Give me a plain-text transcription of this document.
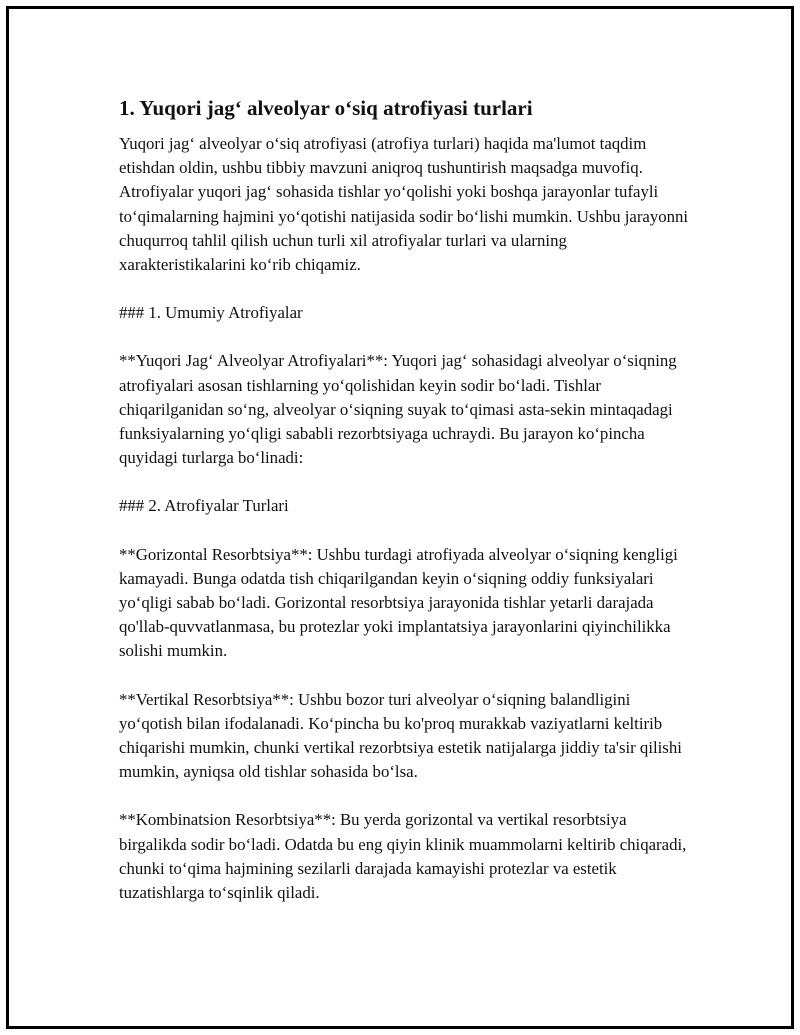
1. Yuqori jag‘ alveolyar o‘siq atrofiyasi turlari

Yuqori jag‘ alveolyar o‘siq atrofiyasi (atrofiya turlari) haqida ma'lumot taqdim etishdan oldin, ushbu tibbiy mavzuni aniqroq tushuntirish maqsadga muvofiq. Atrofiyalar yuqori jag‘ sohasida tishlar yo‘qolishi yoki boshqa jarayonlar tufayli to‘qimalarning hajmini yo‘qotishi natijasida sodir bo‘lishi mumkin. Ushbu jarayonni chuqurroq tahlil qilish uchun turli xil atrofiyalar turlari va ularning xarakteristikalarini ko‘rib chiqamiz.

### 1. Umumiy Atrofiyalar

**Yuqori Jag‘ Alveolyar Atrofiyalari**: Yuqori jag‘ sohasidagi alveolyar o‘siqning atrofiyalari asosan tishlarning yo‘qolishidan keyin sodir bo‘ladi. Tishlar chiqarilganidan so‘ng, alveolyar o‘siqning suyak to‘qimasi asta-sekin mintaqadagi funksiyalarning yo‘qligi sababli rezorbtsiyaga uchraydi. Bu jarayon ko‘pincha quyidagi turlarga bo‘linadi:

### 2. Atrofiyalar Turlari

**Gorizontal Resorbtsiya**: Ushbu turdagi atrofiyada alveolyar o‘siqning kengligi kamayadi. Bunga odatda tish chiqarilgandan keyin o‘siqning oddiy funksiyalari yo‘qligi sabab bo‘ladi. Gorizontal resorbtsiya jarayonida tishlar yetarli darajada qo'llab-quvvatlanmasa, bu protezlar yoki implantatsiya jarayonlarini qiyinchilikka solishi mumkin.

**Vertikal Resorbtsiya**: Ushbu bozor turi alveolyar o‘siqning balandligini yo‘qotish bilan ifodalanadi. Ko‘pincha bu ko'proq murakkab vaziyatlarni keltirib chiqarishi mumkin, chunki vertikal rezorbtsiya estetik natijalarga jiddiy ta'sir qilishi mumkin, ayniqsa old tishlar sohasida bo‘lsa.

**Kombinatsion Resorbtsiya**: Bu yerda gorizontal va vertikal resorbtsiya birgalikda sodir bo‘ladi. Odatda bu eng qiyin klinik muammolarni keltirib chiqaradi, chunki to‘qima hajmining sezilarli darajada kamayishi protezlar va estetik tuzatishlarga to‘sqinlik qiladi.
